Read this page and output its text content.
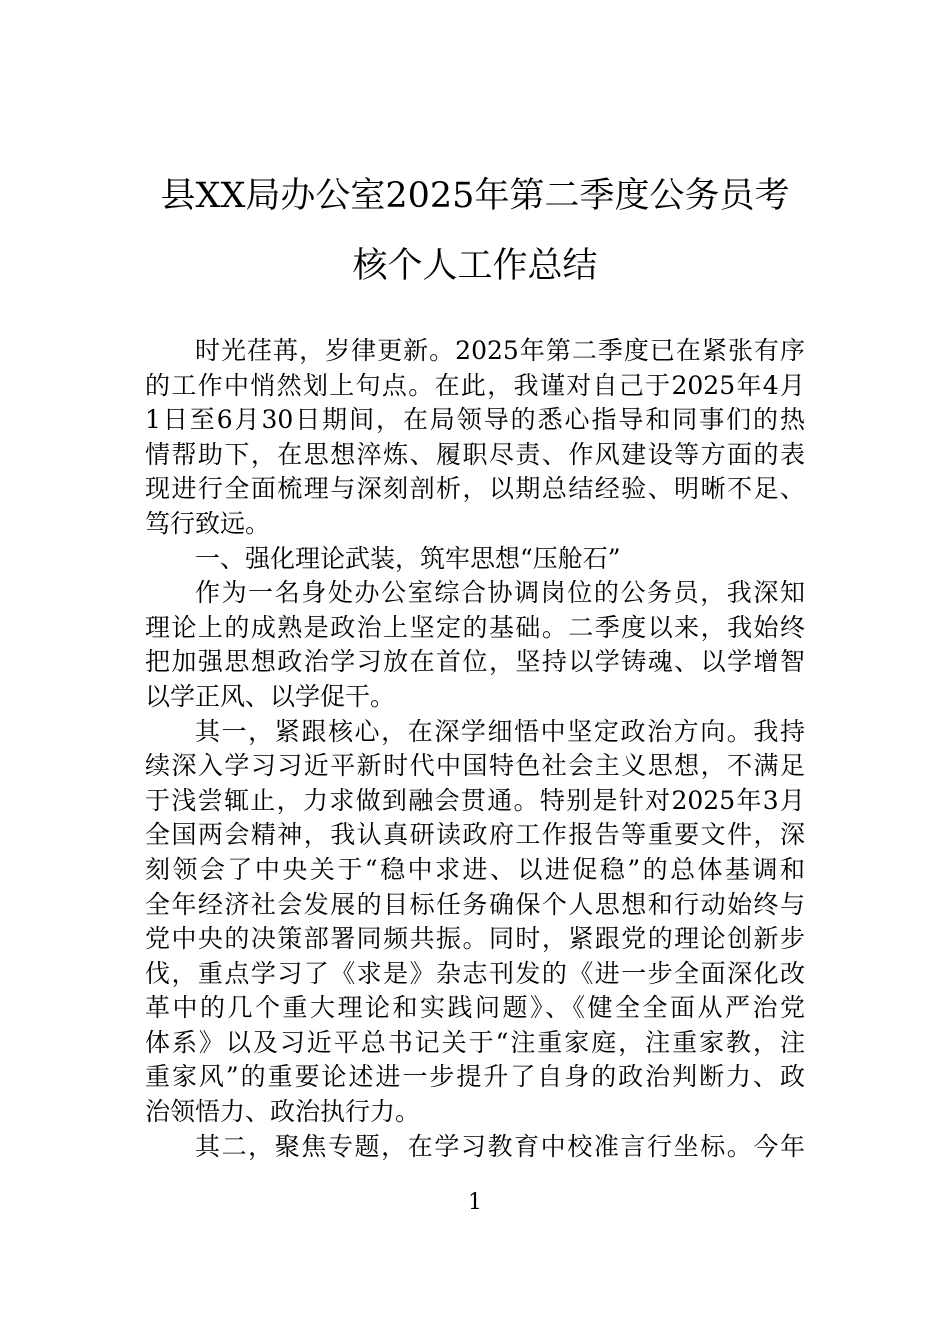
县XX局办公室2025年第二季度公务员考
核个人工作总结
时光荏苒，岁律更新。2025年第二季度已在紧张有序
的工作中悄然划上句点。在此，我谨对自己于2025年4月
1日至6月30日期间，在局领导的悉心指导和同事们的热
情帮助下，在思想淬炼、履职尽责、作风建设等方面的表
现进行全面梳理与深刻剖析，以期总结经验、明晰不足、
笃行致远。
一、强化理论武装，筑牢思想“压舱石”
作为一名身处办公室综合协调岗位的公务员，我深知
理论上的成熟是政治上坚定的基础。二季度以来，我始终
把加强思想政治学习放在首位，坚持以学铸魂、以学增智
以学正风、以学促干。
其一，紧跟核心，在深学细悟中坚定政治方向。我持
续深入学习习近平新时代中国特色社会主义思想，不满足
于浅尝辄止，力求做到融会贯通。特别是针对2025年3月
全国两会精神，我认真研读政府工作报告等重要文件，深
刻领会了中央关于“稳中求进、以进促稳”的总体基调和
全年经济社会发展的目标任务确保个人思想和行动始终与
党中央的决策部署同频共振。同时，紧跟党的理论创新步
伐，重点学习了《求是》杂志刊发的《进一步全面深化改
革中的几个重大理论和实践问题》、《健全全面从严治党
体系》以及习近平总书记关于“注重家庭，注重家教，注
重家风”的重要论述进一步提升了自身的政治判断力、政
治领悟力、政治执行力。
其二，聚焦专题，在学习教育中校准言行坐标。今年
1
